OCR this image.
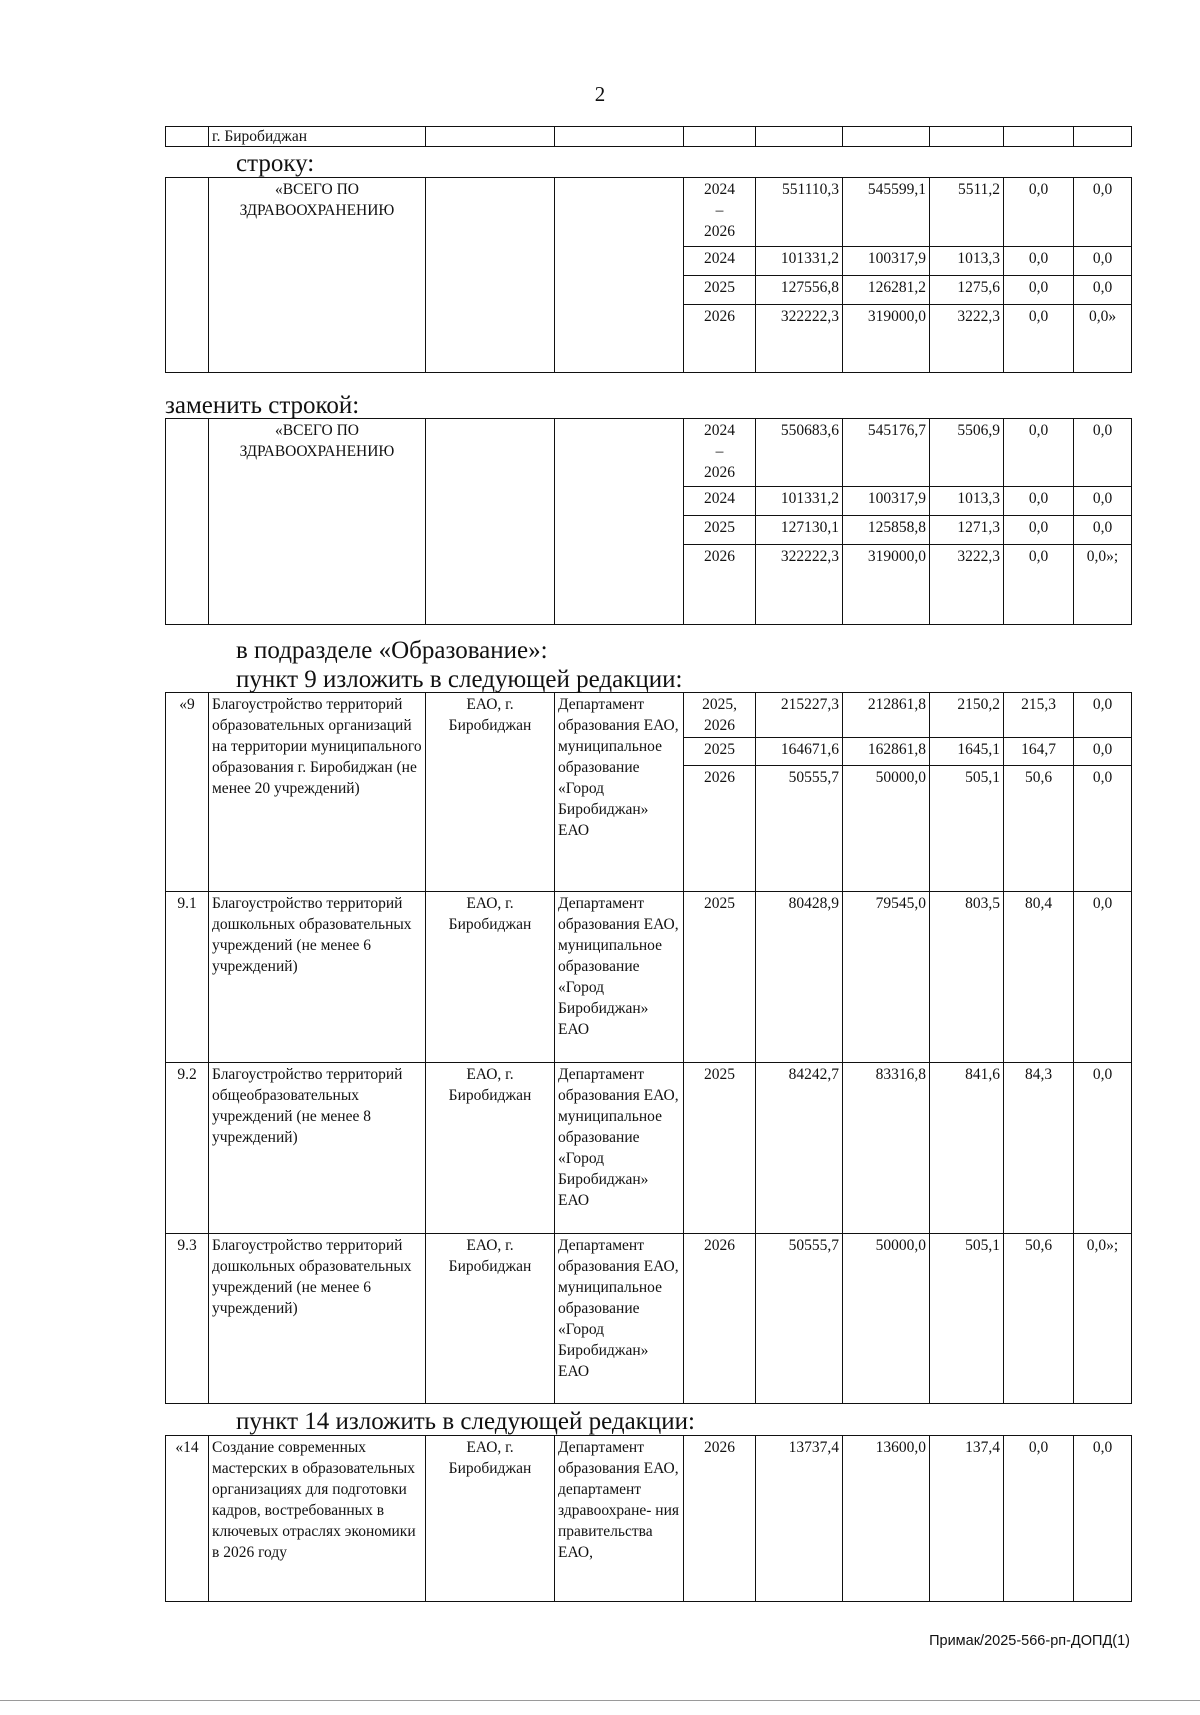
2
	г. Биробиджан								
строку:
	«ВСЕГО ПО ЗДРАВООХРАНЕНИЮ			2024
–
2026	551110,3	545599,1	5511,2	0,0	0,0
				2024	101331,2	100317,9	1013,3	0,0	0,0
				2025	127556,8	126281,2	1275,6	0,0	0,0
				2026	322222,3	319000,0	3222,3	0,0	0,0»
заменить строкой:
	«ВСЕГО ПО ЗДРАВООХРАНЕНИЮ			2024
–
2026	550683,6	545176,7	5506,9	0,0	0,0
				2024	101331,2	100317,9	1013,3	0,0	0,0
				2025	127130,1	125858,8	1271,3	0,0	0,0
				2026	322222,3	319000,0	3222,3	0,0	0,0»;
в подразделе «Образование»:
пункт 9 изложить в следующей редакции:
«9	Благоустройство территорий образовательных организаций на территории муниципального образования г. Биробиджан (не менее 20 учреждений)	ЕАО, г. Биробиджан	Департамент образования ЕАО, муниципальное образование «Город Биробиджан» ЕАО	2025, 2026	215227,3	212861,8	2150,2	215,3	0,0
				2025	164671,6	162861,8	1645,1	164,7	0,0
				2026	50555,7	50000,0	505,1	50,6	0,0
9.1	Благоустройство территорий дошкольных образовательных учреждений (не менее 6 учреждений)	ЕАО, г. Биробиджан	Департамент образования ЕАО, муниципальное образование «Город Биробиджан» ЕАО	2025	80428,9	79545,0	803,5	80,4	0,0
9.2	Благоустройство территорий общеобразовательных учреждений (не менее 8 учреждений)	ЕАО, г. Биробиджан	Департамент образования ЕАО, муниципальное образование «Город Биробиджан» ЕАО	2025	84242,7	83316,8	841,6	84,3	0,0
9.3	Благоустройство территорий дошкольных образовательных учреждений (не менее 6 учреждений)	ЕАО, г. Биробиджан	Департамент образования ЕАО, муниципальное образование «Город Биробиджан» ЕАО	2026	50555,7	50000,0	505,1	50,6	0,0»;
пункт 14 изложить в следующей редакции:
«14	Создание современных мастерских в образовательных организациях для подготовки кадров, востребованных в ключевых отраслях экономики в 2026 году	ЕАО, г. Биробиджан	Департамент образования ЕАО, департамент здравоохране- ния правительства ЕАО,	2026	13737,4	13600,0	137,4	0,0	0,0
Примак/2025-566-рп-ДОПД(1)
